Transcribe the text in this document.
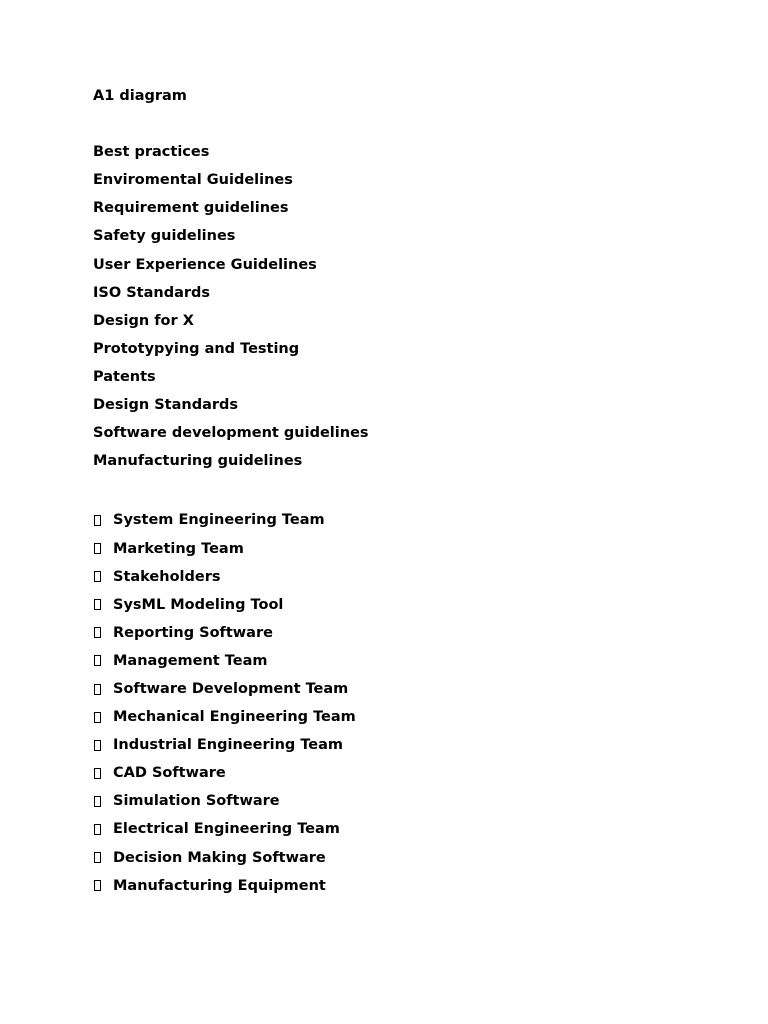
A1 diagram
Best practices
Enviromental Guidelines
Requirement guidelines
Safety guidelines
User Experience Guidelines
ISO Standards
Design for X
Prototypying and Testing
Patents
Design Standards
Software development guidelines
Manufacturing guidelines
System Engineering Team
Marketing Team
Stakeholders
SysML Modeling Tool
Reporting Software
Management Team
Software Development Team
Mechanical Engineering Team
Industrial Engineering Team
CAD Software
Simulation Software
Electrical Engineering Team
Decision Making Software
Manufacturing Equipment
